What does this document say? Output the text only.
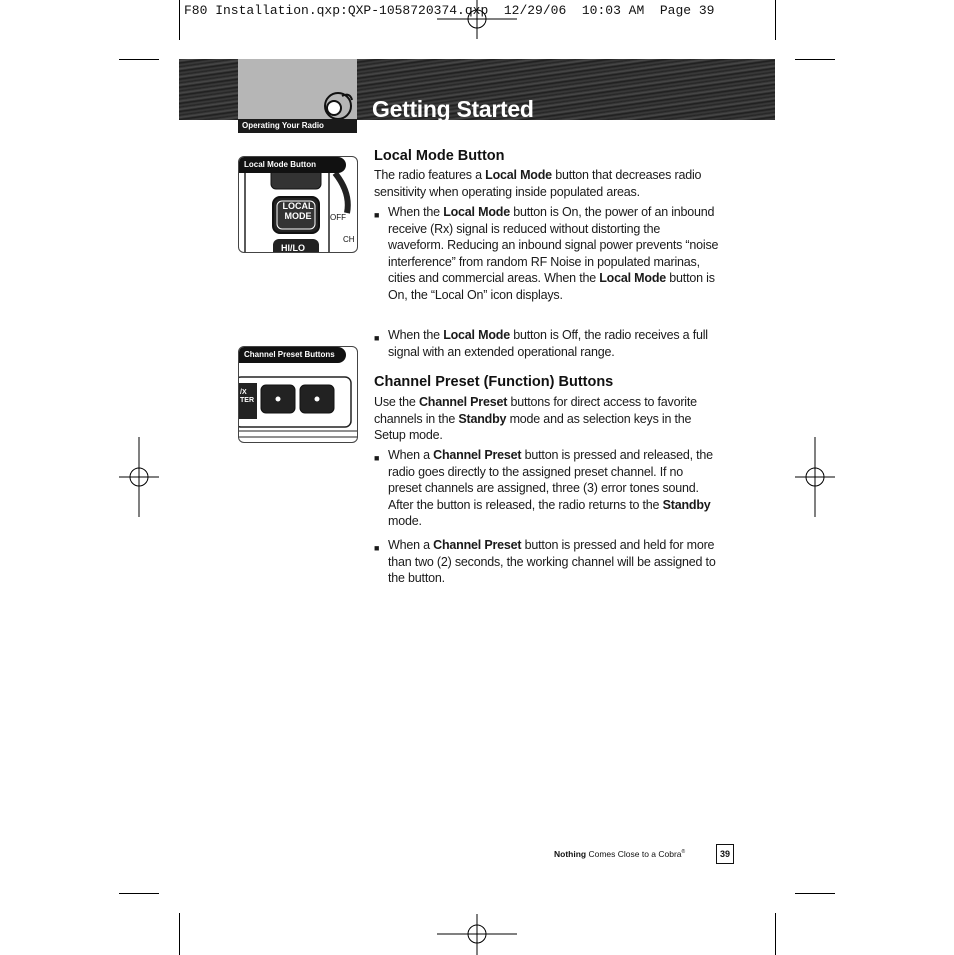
F80 Installation.qxp:QXP-1058720374.qxp  12/29/06  10:03 AM  Page 39
Operating Your Radio
Getting Started
Local Mode Button
LOCAL
MODE	OFF
CH
HI/LO
Channel Preset Buttons
/X
TER
Local Mode Button
The radio features a Local Mode button that decreases radio sensitivity when operating inside populated areas.
■ When the Local Mode button is On, the power of an inbound receive (Rx) signal is reduced without distorting the waveform. Reducing an inbound signal power prevents “noise interference” from random RF Noise in populated marinas, cities and commercial areas. When the Local Mode button is On, the “Local On” icon displays.
■ When the Local Mode button is Off, the radio receives a full signal with an extended operational range.
Channel Preset (Function) Buttons
Use the Channel Preset buttons for direct access to favorite channels in the Standby mode and as selection keys in the Setup mode.
■ When a Channel Preset button is pressed and released, the radio goes directly to the assigned preset channel. If no preset channels are assigned, three (3) error tones sound. After the button is released, the radio returns to the Standby mode.
■ When a Channel Preset button is pressed and held for more than two (2) seconds, the working channel will be assigned to the button.
Nothing Comes Close to a Cobra®	39
